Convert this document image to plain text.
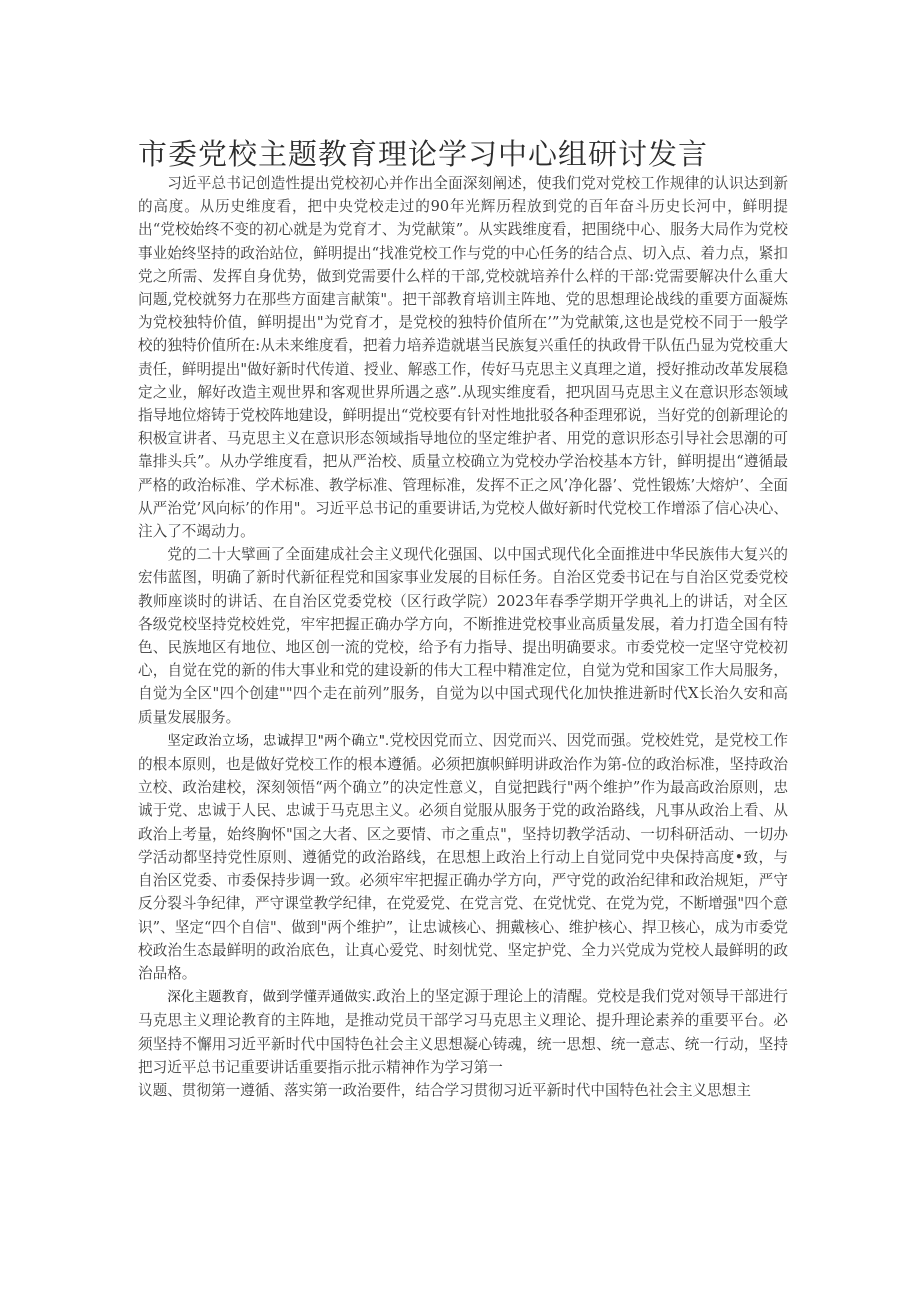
市委党校主题教育理论学习中心组研讨发言

习近平总书记创造性提出党校初心并作出全面深刻阐述，使我们党对党校工作规律的认识达到新的高度。从历史维度看，把中央党校走过的90年光辉历程放到党的百年奋斗历史长河中，鲜明提出“党校始终不变的初心就是为党育才、为党献策”。从实践维度看，把围绕中心、服务大局作为党校事业始终坚持的政治站位，鲜明提出“找准党校工作与党的中心任务的结合点、切入点、着力点，紧扣党之所需、发挥自身优势，做到党需要什么样的干部,党校就培养什么样的干部:党需要解决什么重大问题,党校就努力在那些方面建言献策"。把干部教育培训主阵地、党的思想理论战线的重要方面凝炼为党校独特价值，鲜明提出"为党育才，是党校的独特价值所在’”为党献策,这也是党校不同于一般学校的独特价值所在:从未来维度看，把着力培养造就堪当民族复兴重任的执政骨干队伍凸显为党校重大责任，鲜明提出"做好新时代传道、授业、解惑工作，传好马克思主义真理之道，授好推动改革发展稳定之业，解好改造主观世界和客观世界所遇之惑”.从现实维度看，把巩固马克思主义在意识形态领域指导地位熔铸于党校阵地建设，鲜明提出“党校要有针对性地批驳各种歪理邪说，当好党的创新理论的积极宣讲者、马克思主义在意识形态领域指导地位的坚定维护者、用党的意识形态引导社会思潮的可靠排头兵”。从办学维度看，把从严治校、质量立校确立为党校办学治校基本方针，鲜明提出“遵循最严格的政治标准、学术标准、教学标准、管理标准，发挥不正之风’净化器’、党性锻炼’大熔炉’、全面从严治党’风向标’的作用"。习近平总书记的重要讲话,为党校人做好新时代党校工作增添了信心决心、注入了不竭动力。

党的二十大擘画了全面建成社会主义现代化强国、以中国式现代化全面推进中华民族伟大复兴的宏伟蓝图，明确了新时代新征程党和国家事业发展的目标任务。自治区党委书记在与自治区党委党校教师座谈时的讲话、在自治区党委党校（区行政学院）2023年春季学期开学典礼上的讲话，对全区各级党校坚持党校姓党，牢牢把握正确办学方向，不断推进党校事业高质量发展，着力打造全国有特色、民族地区有地位、地区创一流的党校，给予有力指导、提出明确要求。市委党校一定坚守党校初心，自觉在党的新的伟大事业和党的建设新的伟大工程中精准定位，自觉为党和国家工作大局服务，自觉为全区"四个创建""四个走在前列”服务，自觉为以中国式现代化加快推进新时代X长治久安和高质量发展服务。

坚定政治立场，忠诚捍卫"两个确立".党校因党而立、因党而兴、因党而强。党校姓党，是党校工作的根本原则，也是做好党校工作的根本遵循。必须把旗帜鲜明讲政治作为第-位的政治标准，坚持政治立校、政治建校，深刻领悟“两个确立”的决定性意义，自觉把践行"两个维护”作为最高政治原则，忠诚于党、忠诚于人民、忠诚于马克思主义。必须自觉服从服务于党的政治路线，凡事从政治上看、从政治上考量，始终胸怀"国之大者、区之要情、市之重点"，坚持切教学活动、一切科研活动、一切办学活动都坚持党性原则、遵循党的政治路线，在思想上政治上行动上自觉同党中央保持高度•致，与自治区党委、市委保持步调一致。必须牢牢把握正确办学方向，严守党的政治纪律和政治规矩，严守反分裂斗争纪律，严守课堂教学纪律，在党爱党、在党言党、在党忧党、在党为党，不断增强"四个意识”、坚定“四个自信"、做到"两个维护”，让忠诚核心、拥戴核心、维护核心、捍卫核心，成为市委党校政治生态最鲜明的政治底色，让真心爱党、时刻忧党、坚定护党、全力兴党成为党校人最鲜明的政治品格。

深化主题教育，做到学懂弄通做实.政治上的坚定源于理论上的清醒。党校是我们党对领导干部进行马克思主义理论教育的主阵地，是推动党员干部学习马克思主义理论、提升理论素养的重要平台。必须坚持不懈用习近平新时代中国特色社会主义思想凝心铸魂，统一思想、统一意志、统一行动，坚持把习近平总书记重要讲话重要指示批示精神作为学习第一

议题、贯彻第一遵循、落实第一政治要件，结合学习贯彻习近平新时代中国特色社会主义思想主
